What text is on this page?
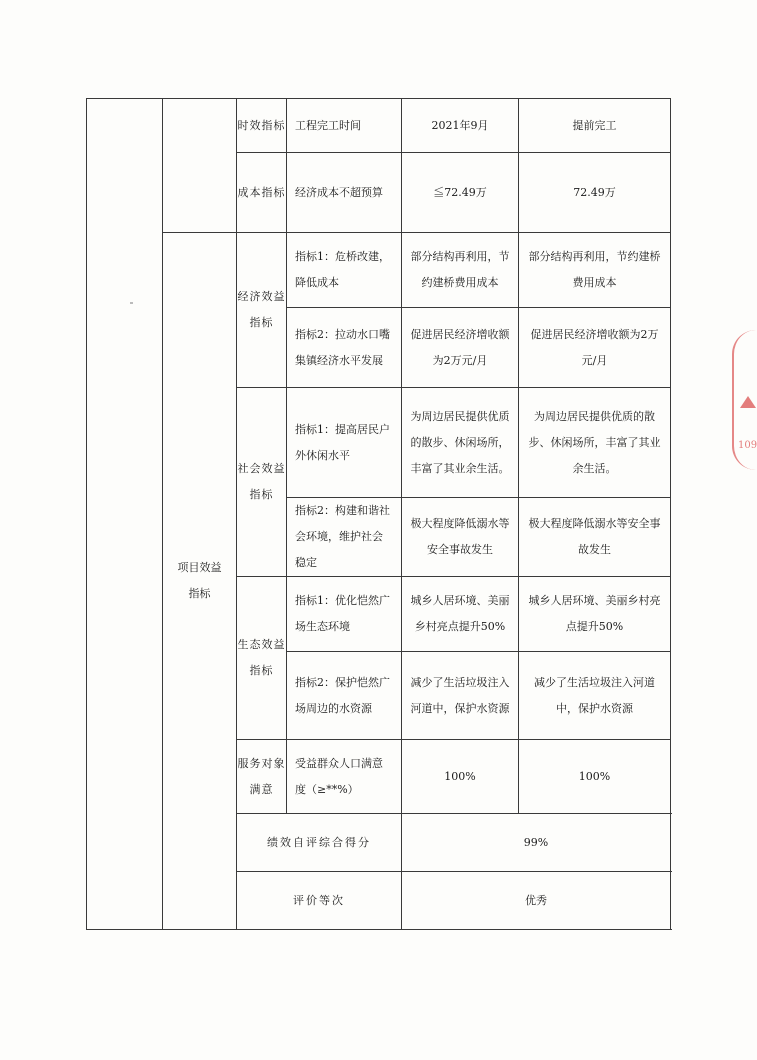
		时效指标	工程完工时间	2021年9月	提前完工
		成本指标	经济成本不超预算	≦72.49万	72.49万
	项目效益指标	经济效益指标	指标1：危桥改建，降低成本	部分结构再利用，节约建桥费用成本	部分结构再利用，节约建桥费用成本
			指标2：拉动水口嘴集镇经济水平发展	促进居民经济增收额为2万元/月	促进居民经济增收额为2万元/月
		社会效益指标	指标1：提高居民户外休闲水平	为周边居民提供优质的散步、休闲场所，丰富了其业余生活。	为周边居民提供优质的散步、休闲场所，丰富了其业余生活。
			指标2：构建和谐社会环境，维护社会稳定	极大程度降低溺水等安全事故发生	极大程度降低溺水等安全事故发生
		生态效益指标	指标1：优化恺然广场生态环境	城乡人居环境、美丽乡村亮点提升50%	城乡人居环境、美丽乡村亮点提升50%
			指标2：保护恺然广场周边的水资源	减少了生活垃圾注入河道中，保护水资源	减少了生活垃圾注入河道中，保护水资源
		服务对象满意	受益群众人口满意度（≥**%）	100%	100%
		绩效自评综合得分		99%	
		评价等次		优秀	
109
